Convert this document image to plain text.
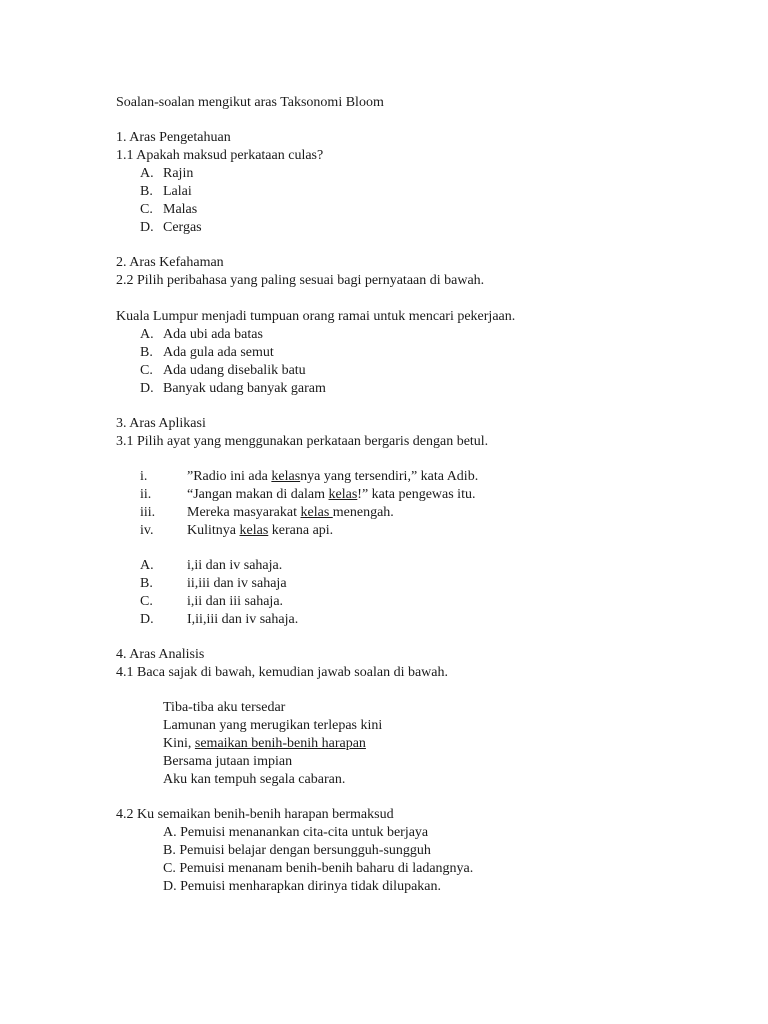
Soalan-soalan mengikut aras Taksonomi Bloom
1. Aras Pengetahuan
1.1 Apakah maksud perkataan culas?
A. Rajin
B. Lalai
C. Malas
D. Cergas
2. Aras Kefahaman
2.2 Pilih peribahasa yang paling sesuai bagi pernyataan di bawah.
Kuala Lumpur menjadi tumpuan orang ramai untuk mencari pekerjaan.
A. Ada ubi ada batas
B. Ada gula ada semut
C. Ada udang disebalik batu
D. Banyak udang banyak garam
3. Aras Aplikasi
3.1 Pilih ayat yang menggunakan perkataan bergaris dengan betul.
i.	”Radio ini ada kelasnya yang tersendiri,” kata Adib.
ii.	“Jangan makan di dalam kelas!” kata pengewas itu.
iii. Mereka masyarakat kelas menengah.
iv. Kulitnya kelas kerana api.
A. i,ii dan iv sahaja.
B. ii,iii dan iv sahaja
C. i,ii dan iii sahaja.
D. I,ii,iii dan iv sahaja.
4. Aras Analisis
4.1 Baca sajak di bawah, kemudian jawab soalan di bawah.
Tiba-tiba aku tersedar
Lamunan yang merugikan terlepas kini
Kini, semaikan benih-benih harapan
Bersama jutaan impian
Aku kan tempuh segala cabaran.
4.2 Ku semaikan benih-benih harapan bermaksud
A. Pemuisi menanankan cita-cita untuk berjaya
B. Pemuisi belajar dengan bersungguh-sungguh
C. Pemuisi menanam benih-benih baharu di ladangnya.
D. Pemuisi menharapkan dirinya tidak dilupakan.
